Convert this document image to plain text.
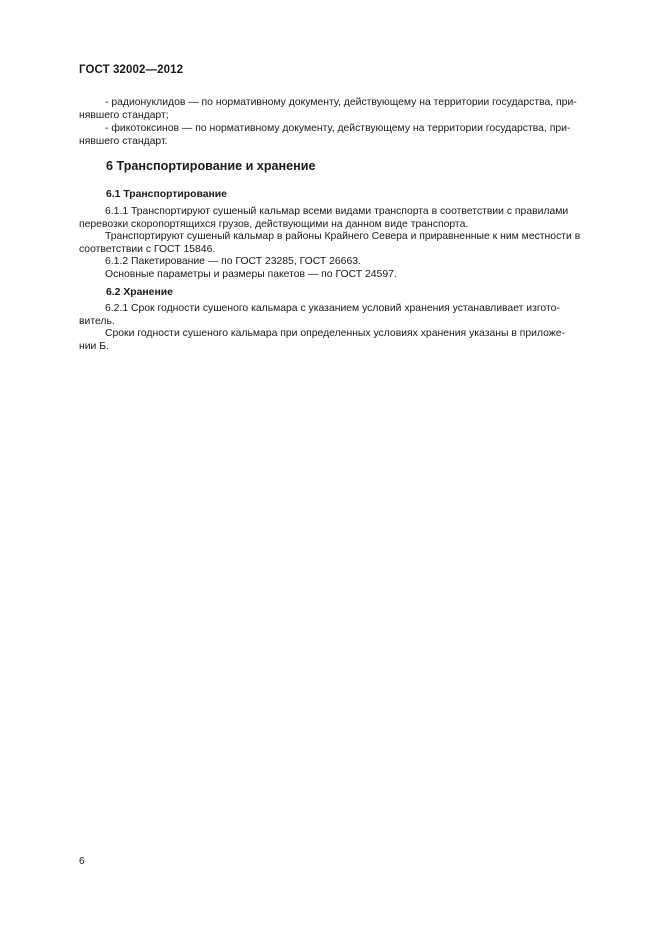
ГОСТ 32002—2012
- радионуклидов — по нормативному документу, действующему на территории государства, при-
нявшего стандарт;
- фикотоксинов — по нормативному документу, действующему на территории государства, при-
нявшего стандарт.
6 Транспортирование и хранение
6.1 Транспортирование
6.1.1 Транспортируют сушеный кальмар всеми видами транспорта в соответствии с правилами
перевозки скоропортящихся грузов, действующими на данном виде транспорта.
Транспортируют сушеный кальмар в районы Крайнего Севера и приравненные к ним местности в
соответствии с ГОСТ 15846.
6.1.2 Пакетирование — по ГОСТ 23285, ГОСТ 26663.
Основные параметры и размеры пакетов — по ГОСТ 24597.
6.2 Хранение
6.2.1 Срок годности сушеного кальмара с указанием условий хранения устанавливает изгото-
витель.
Сроки годности сушеного кальмара при определенных условиях хранения указаны в приложе-
нии Б.
6
